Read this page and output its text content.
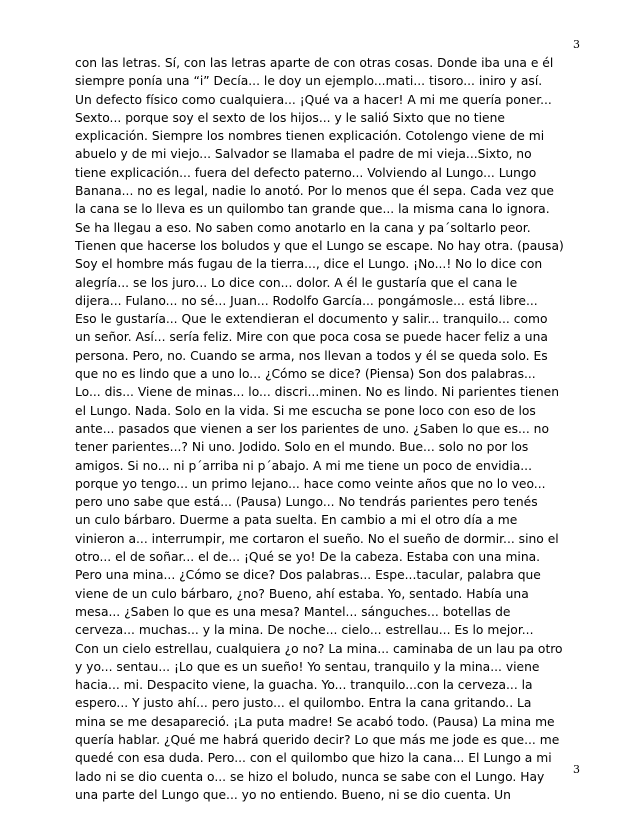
3
con las letras. Sí, con las letras aparte de con otras cosas. Donde iba una e él
siempre ponía una “i” Decía... le doy un ejemplo...mati... tisoro... iniro y así.
Un defecto físico como cualquiera... ¡Qué va a hacer! A mi me quería poner...
Sexto... porque soy el sexto de los hijos... y le salió Sixto que no tiene
explicación. Siempre los nombres tienen explicación. Cotolengo viene de mi
abuelo y de mi viejo... Salvador se llamaba el padre de mi vieja...Sixto, no
tiene explicación... fuera del defecto paterno... Volviendo al Lungo... Lungo
Banana... no es legal, nadie lo anotó. Por lo menos que él sepa. Cada vez que
la cana se lo lleva es un quilombo tan grande que... la misma cana lo ignora.
Se ha llegau a eso. No saben como anotarlo en la cana y pa´soltarlo peor.
Tienen que hacerse los boludos y que el Lungo se escape. No hay otra. (pausa)
Soy el hombre más fugau de la tierra..., dice el Lungo. ¡No...! No lo dice con
alegría... se los juro... Lo dice con... dolor. A él le gustaría que el cana le
dijera... Fulano... no sé... Juan... Rodolfo García... pongámosle... está libre...
Eso le gustaría... Que le extendieran el documento y salir... tranquilo... como
un señor. Así... sería feliz. Mire con que poca cosa se puede hacer feliz a una
persona. Pero, no. Cuando se arma, nos llevan a todos y él se queda solo. Es
que no es lindo que a uno lo... ¿Cómo se dice? (Piensa) Son dos palabras...
Lo... dis... Viene de minas... lo... discri...minen. No es lindo. Ni parientes tienen
el Lungo. Nada. Solo en la vida. Si me escucha se pone loco con eso de los
ante... pasados que vienen a ser los parientes de uno. ¿Saben lo que es... no
tener parientes...? Ni uno. Jodido. Solo en el mundo. Bue... solo no por los
amigos. Si no... ni p´arriba ni p´abajo. A mi me tiene un poco de envidia...
porque yo tengo... un primo lejano... hace como veinte años que no lo veo...
pero uno sabe que está... (Pausa) Lungo... No tendrás parientes pero tenés
un culo bárbaro. Duerme a pata suelta. En cambio a mi el otro día a me
vinieron a... interrumpir, me cortaron el sueño. No el sueño de dormir... sino el
otro... el de soñar... el de... ¡Qué se yo! De la cabeza. Estaba con una mina.
Pero una mina... ¿Cómo se dice? Dos palabras... Espe...tacular, palabra que
viene de un culo bárbaro, ¿no? Bueno, ahí estaba. Yo, sentado. Había una
mesa... ¿Saben lo que es una mesa? Mantel... sánguches... botellas de
cerveza... muchas... y la mina. De noche... cielo... estrellau... Es lo mejor...
Con un cielo estrellau, cualquiera ¿o no? La mina... caminaba de un lau pa otro
y yo... sentau... ¡Lo que es un sueño! Yo sentau, tranquilo y la mina... viene
hacia... mi. Despacito viene, la guacha. Yo... tranquilo...con la cerveza... la
espero... Y justo ahí... pero justo... el quilombo. Entra la cana gritando.. La
mina se me desapareció. ¡La puta madre! Se acabó todo. (Pausa) La mina me
quería hablar. ¿Qué me habrá querido decir? Lo que más me jode es que... me
quedé con esa duda. Pero... con el quilombo que hizo la cana... El Lungo a mi
lado ni se dio cuenta o... se hizo el boludo, nunca se sabe con el Lungo. Hay
una parte del Lungo que... yo no entiendo. Bueno, ni se dio cuenta. Un
3
